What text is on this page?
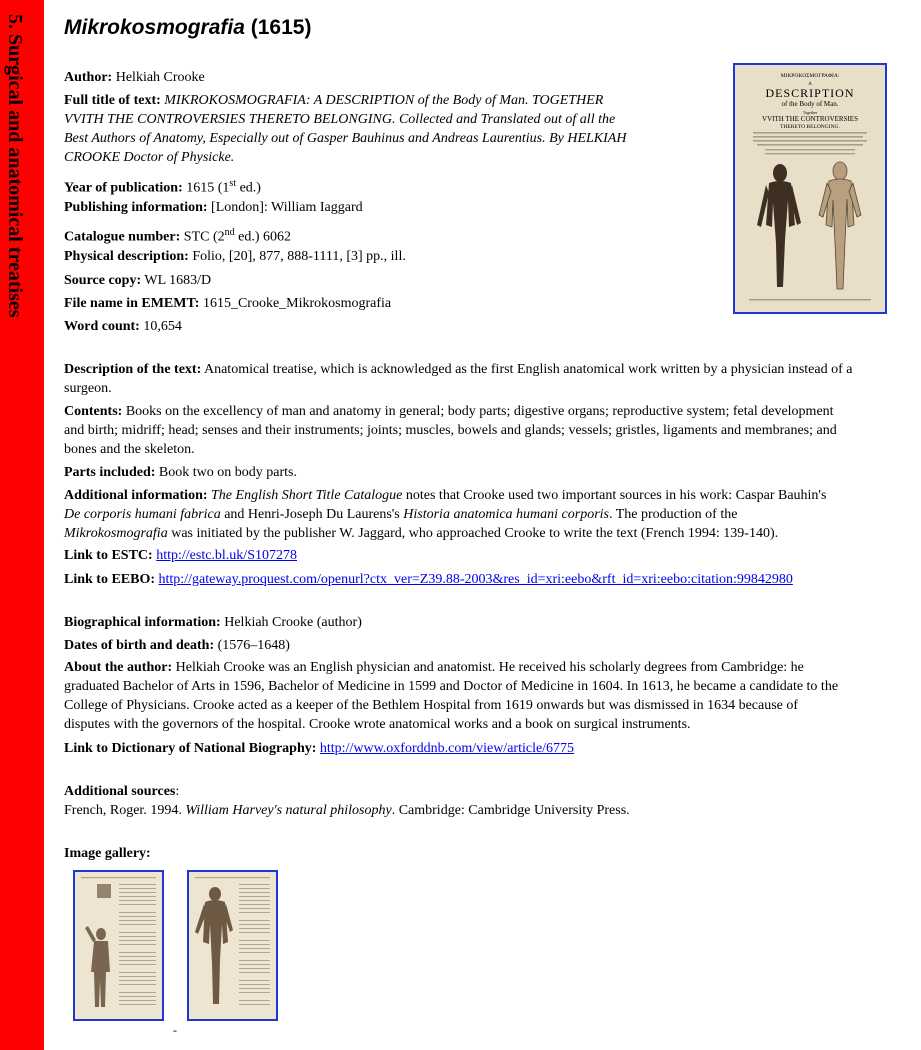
5. Surgical and anatomical treatises Mikrokosmografia (1615)
Author: Helkiah Crooke
Full title of text: MIKROKOSMOGRAFIA: A DESCRIPTION of the Body of Man. TOGETHER
VVITH THE CONTROVERSIES THERETO BELONGING. Collected and Translated out of all the
Best Authors of Anatomy, Especially out of Gasper Bauhinus and Andreas Laurentius. By HELKIAH
CROOKE Doctor of Physicke.
Year of publication: 1615 (1st ed.)
Publishing information: [London]: William Iaggard
Catalogue number: STC (2nd ed.) 6062
Physical description: Folio, [20], 877, 888-1111, [3] pp., ill.
Source copy: WL 1683/D
File name in EMEMT: 1615_Crooke_Mikrokosmografia
Word count: 10,654
MIKPOKOΣMOΓPAΦIA:
A
DESCRIPTION
of the Body of Man.
Together
VVITH THE CONTROVERSIES
THERETO BELONGING.
Description of the text: Anatomical treatise, which is acknowledged as the first English anatomical work written by a physician instead of a
surgeon.
Contents: Books on the excellency of man and anatomy in general; body parts; digestive organs; reproductive system; fetal development
and birth; midriff; head; senses and their instruments; joints; muscles, bowels and glands; vessels; gristles, ligaments and membranes; and
bones and the skeleton.
Parts included: Book two on body parts.
Additional information: The English Short Title Catalogue notes that Crooke used two important sources in his work: Caspar Bauhin's
De corporis humani fabrica and Henri-Joseph Du Laurens's Historia anatomica humani corporis. The production of the
Mikrokosmografia was initiated by the publisher W. Jaggard, who approached Crooke to write the text (French 1994: 139-140).
Link to ESTC: http://estc.bl.uk/S107278
Link to EEBO: http://gateway.proquest.com/openurl?ctx_ver=Z39.88-2003&res_id=xri:eebo&rft_id=xri:eebo:citation:99842980
Biographical information: Helkiah Crooke (author)
Dates of birth and death: (1576–1648)
About the author: Helkiah Crooke was an English physician and anatomist. He received his scholarly degrees from Cambridge: he
graduated Bachelor of Arts in 1596, Bachelor of Medicine in 1599 and Doctor of Medicine in 1604. In 1613, he became a candidate to the
College of Physicians. Crooke acted as a keeper of the Bethlem Hospital from 1619 onwards but was dismissed in 1634 because of
disputes with the governors of the hospital. Crooke wrote anatomical works and a book on surgical instruments.
Link to Dictionary of National Biography: http://www.oxforddnb.com/view/article/6775
Additional sources:
French, Roger. 1994. William Harvey's natural philosophy. Cambridge: Cambridge University Press.
Image gallery:
-
